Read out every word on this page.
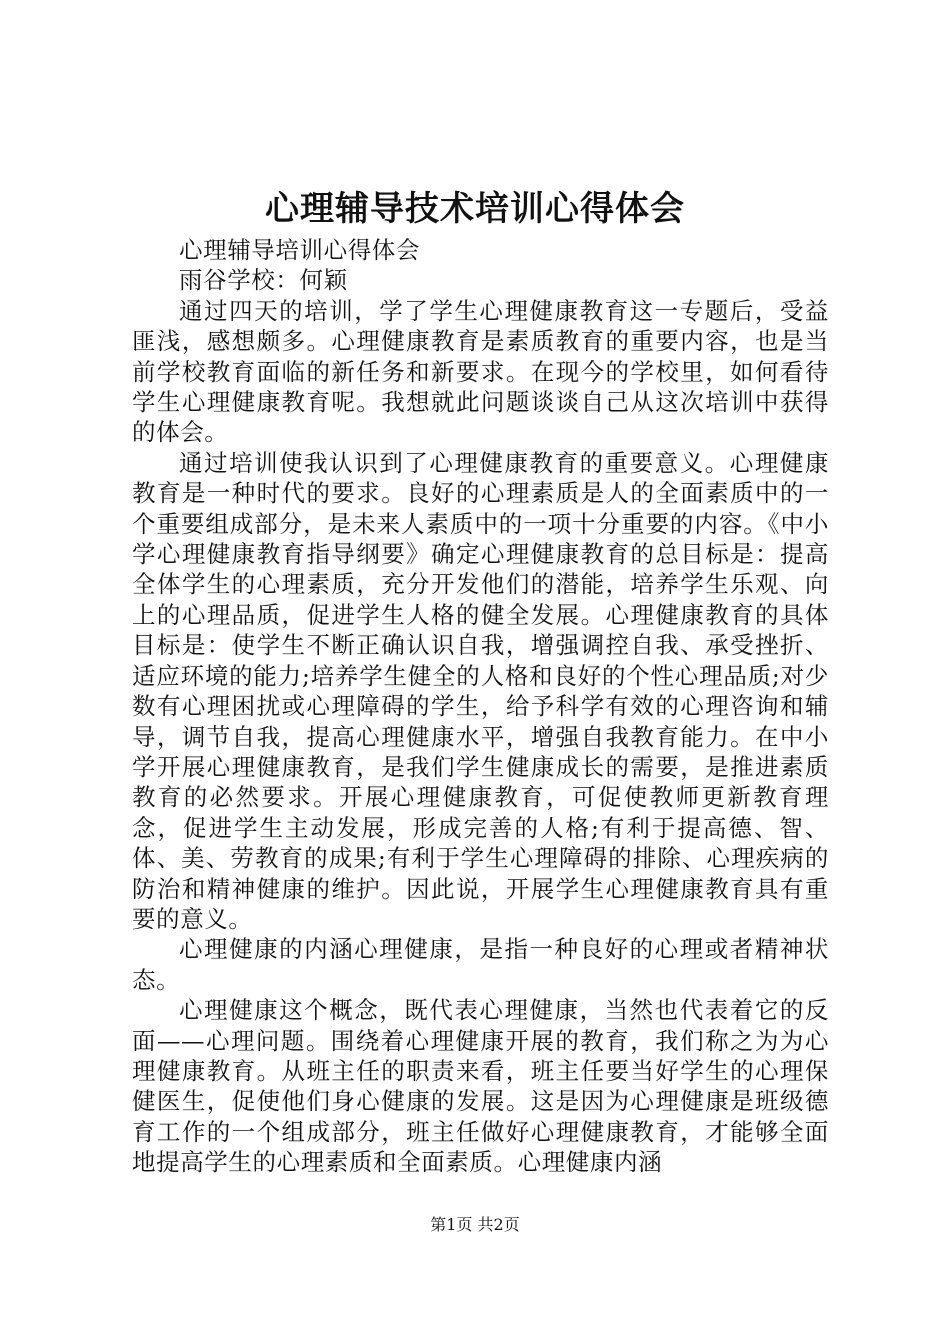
心理辅导技术培训心得体会

心理辅导培训心得体会

雨谷学校：何颖

通过四天的培训，学了学生心理健康教育这一专题后，受益匪浅，感想颇多。心理健康教育是素质教育的重要内容，也是当前学校教育面临的新任务和新要求。在现今的学校里，如何看待学生心理健康教育呢。我想就此问题谈谈自己从这次培训中获得的体会。

通过培训使我认识到了心理健康教育的重要意义。心理健康教育是一种时代的要求。良好的心理素质是人的全面素质中的一个重要组成部分，是未来人素质中的一项十分重要的内容。《中小学心理健康教育指导纲要》确定心理健康教育的总目标是：提高全体学生的心理素质，充分开发他们的潜能，培养学生乐观、向上的心理品质，促进学生人格的健全发展。心理健康教育的具体目标是：使学生不断正确认识自我，增强调控自我、承受挫折、适应环境的能力;培养学生健全的人格和良好的个性心理品质;对少数有心理困扰或心理障碍的学生，给予科学有效的心理咨询和辅导，调节自我，提高心理健康水平，增强自我教育能力。在中小学开展心理健康教育，是我们学生健康成长的需要，是推进素质教育的必然要求。开展心理健康教育，可促使教师更新教育理念，促进学生主动发展，形成完善的人格;有利于提高德、智、体、美、劳教育的成果;有利于学生心理障碍的排除、心理疾病的防治和精神健康的维护。因此说，开展学生心理健康教育具有重要的意义。

心理健康的内涵心理健康，是指一种良好的心理或者精神状态。

心理健康这个概念，既代表心理健康，当然也代表着它的反面——心理问题。围绕着心理健康开展的教育，我们称之为为心理健康教育。从班主任的职责来看，班主任要当好学生的心理保健医生，促使他们身心健康的发展。这是因为心理健康是班级德育工作的一个组成部分，班主任做好心理健康教育，才能够全面地提高学生的心理素质和全面素质。心理健康内涵

第1页 共2页
